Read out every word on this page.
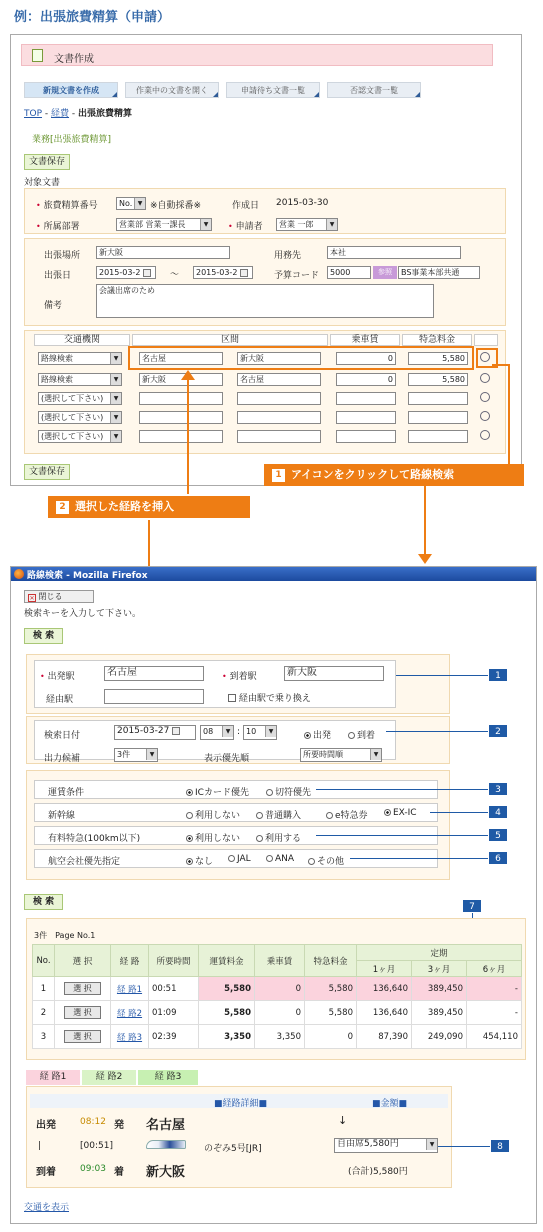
例：出張旅費精算（申請）
文書作成
新規文書を作成	作業中の文書を開く	申請待ち文書一覧	否認文書一覧
TOP - 経費 - 出張旅費精算
業務[出張旅費精算]
文書保存
対象文書
• 旅費精算番号	No. ▼ ※自動採番※	作成日 2015-03-30
• 所属部署	営業部 営業一課長	▼	• 申請者	営業 一郎	▼
出張場所	新大阪	用務先	本社
出張日	2015-03-2	～	2015-03-2	予算コード	5000	参照	BS事業本部共通
備考
会議出席のため
交通機関	区間	乗車賃	特急料金
路線検索	▼	名古屋	新大阪	0	5,580
路線検索	▼	新大阪	名古屋	0	5,580
(選択して下さい)	▼
(選択して下さい)	▼
(選択して下さい)	▼
文書保存	1 アイコンをクリックして路線検索
2 選択した経路を挿入
路線検索 - Mozilla Firefox
✕ 閉じる
検索キーを入力して下さい。
検 索
• 出発駅	名古屋	• 到着駅	新大阪
経由駅	経由駅で乗り換え
1
検索日付	2015-03-27	08	▼ : 10	▼	出発	到着
出力候補	3件	▼	表示優先順	所要時間順	▼
2
運賃条件	ICカード優先	切符優先
新幹線	利用しない	普通購入	e特急券	EX-IC
有料特急(100km以下)	利用しない	利用する
航空会社優先指定	なし	JAL	ANA	その他
3
4
5
6
検 索	7
3件　Page No.1
No.	選 択	経 路	所要時間	運賃料金	乗車賃	特急料金	定期		
							1ヶ月	3ヶ月	6ヶ月
1	選 択	経 路1	00:51	5,580	0	5,580	136,640	389,450	-
2	選 択	経 路2	01:09	5,580	0	5,580	136,640	389,450	-
3	選 択	経 路3	02:39	3,350	3,350	0	87,390	249,090	454,110
経 路1	経 路2	経 路3
■経路詳細■	■金額■
出発	08:12 発 名古屋	↓
|	[00:51]	のぞみ5号[JR]	自由席5,580円	▼	8
到着	09:03 着 新大阪	(合計)5,580円
交通を表示
